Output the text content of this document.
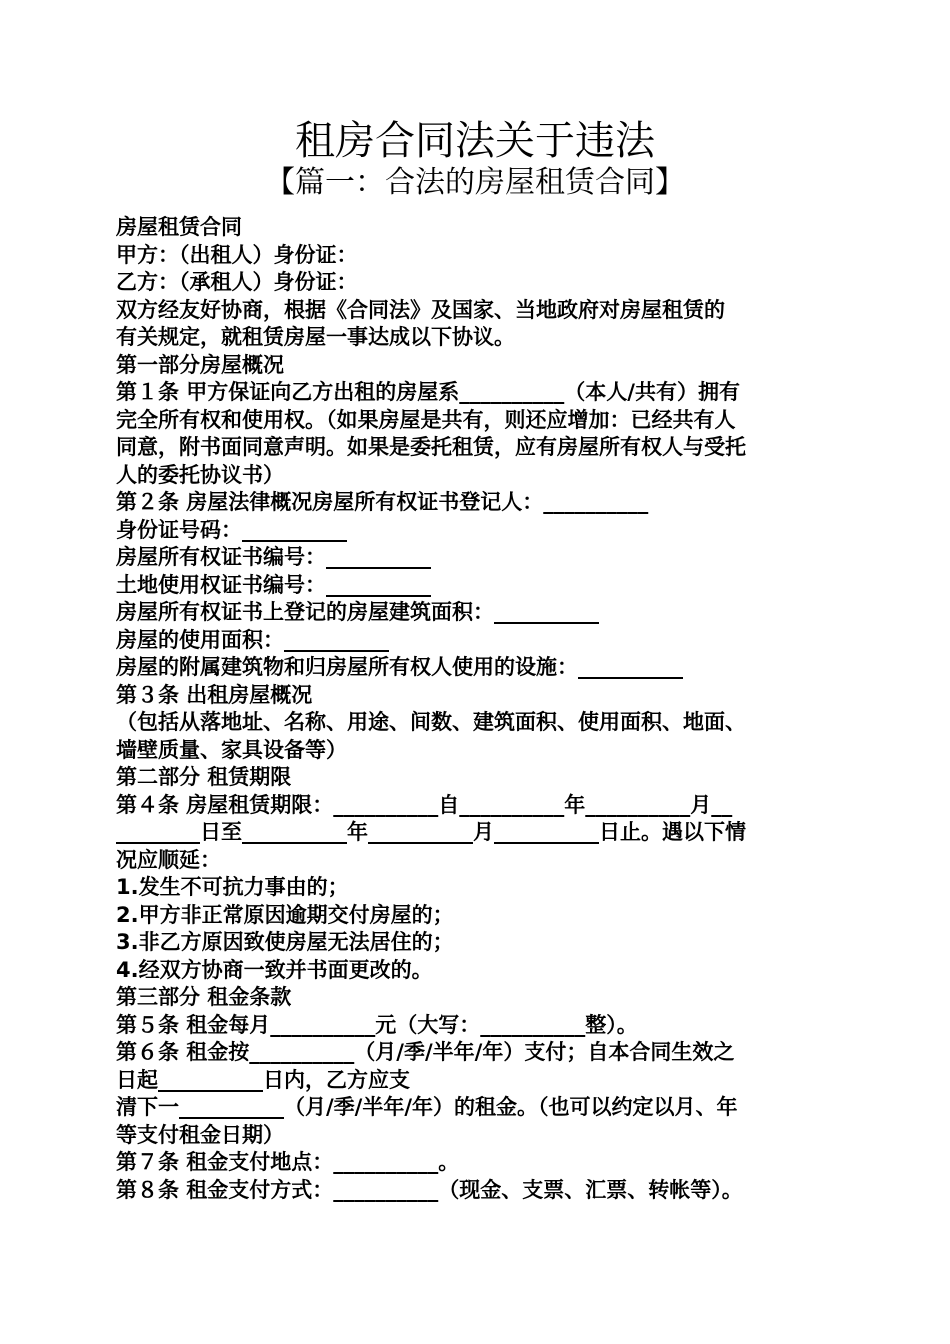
租房合同法关于违法
【篇一：合法的房屋租赁合同】
房屋租赁合同
甲方：（出租人）身份证：
乙方：（承租人）身份证：
双方经友好协商，根据《合同法》及国家、当地政府对房屋租赁的
有关规定，就租赁房屋一事达成以下协议。
第一部分房屋概况
第１条 甲方保证向乙方出租的房屋系__________（本人/共有）拥有
完全所有权和使用权。（如果房屋是共有，则还应增加：已经共有人
同意，附书面同意声明。如果是委托租赁，应有房屋所有权人与受托
人的委托协议书）
第２条 房屋法律概况房屋所有权证书登记人：__________
身份证号码：__________
房屋所有权证书编号：__________
土地使用权证书编号：__________
房屋所有权证书上登记的房屋建筑面积：__________
房屋的使用面积：__________
房屋的附属建筑物和归房屋所有权人使用的设施：__________
第３条 出租房屋概况
（包括从落地址、名称、用途、间数、建筑面积、使用面积、地面、
墙壁质量、家具设备等）
第二部分 租赁期限
第４条 房屋租赁期限：__________自__________年__________月__
________日至__________年__________月__________日止。遇以下情
况应顺延：
1.发生不可抗力事由的；
2.甲方非正常原因逾期交付房屋的；
3.非乙方原因致使房屋无法居住的；
4.经双方协商一致并书面更改的。
第三部分 租金条款
第５条 租金每月__________元（大写：__________整）。
第６条 租金按__________（月/季/半年/年）支付；自本合同生效之
日起__________日内，乙方应支
清下一__________（月/季/半年/年）的租金。（也可以约定以月、年
等支付租金日期）
第７条 租金支付地点：__________。
第８条 租金支付方式：__________（现金、支票、汇票、转帐等）。
